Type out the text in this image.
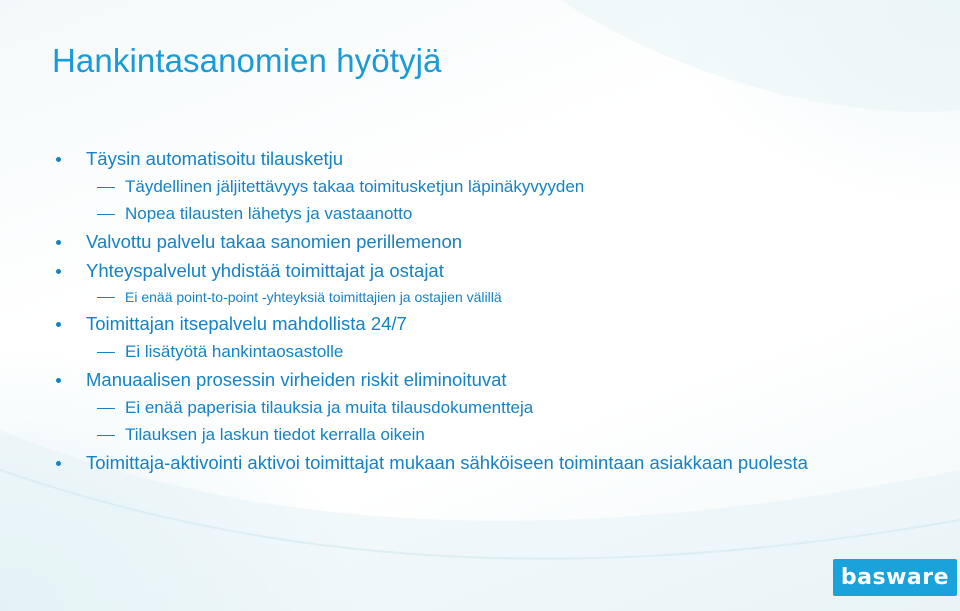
Hankintasanomien hyötyjä
Täysin automatisoitu tilausketju
Täydellinen jäljitettävyys takaa toimitusketjun läpinäkyvyyden
Nopea tilausten lähetys ja vastaanotto
Valvottu palvelu takaa sanomien perillemenon
Yhteyspalvelut yhdistää toimittajat ja ostajat
Ei enää point-to-point -yhteyksiä toimittajien ja ostajien välillä
Toimittajan itsepalvelu mahdollista 24/7
Ei lisätyötä hankintaosastolle
Manuaalisen prosessin virheiden riskit eliminoituvat
Ei enää paperisia tilauksia ja muita tilausdokumentteja
Tilauksen ja laskun tiedot kerralla oikein
Toimittaja-aktivointi aktivoi toimittajat mukaan sähköiseen toimintaan asiakkaan puolesta
basware
